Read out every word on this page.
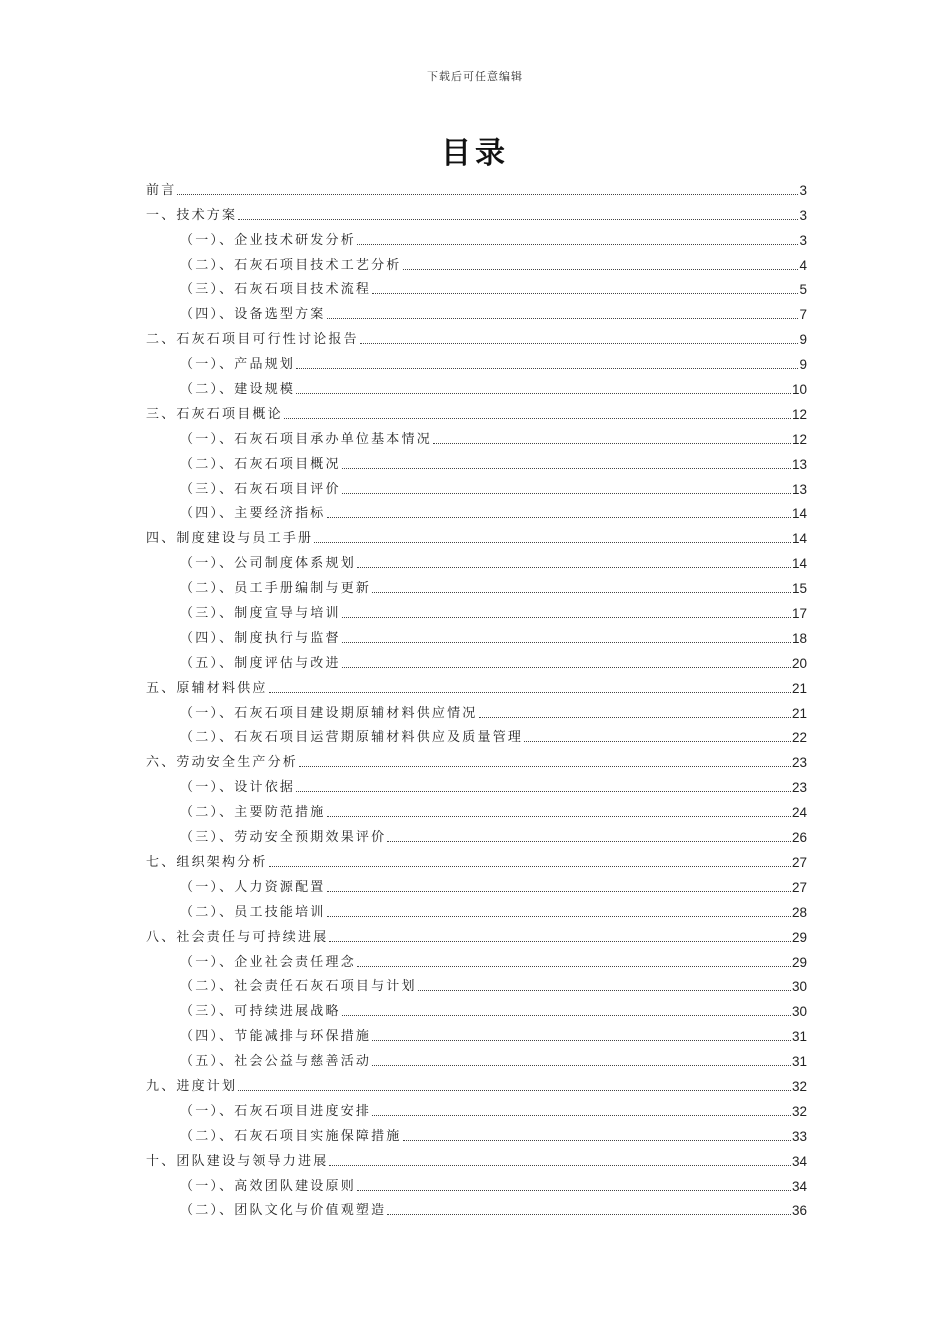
下载后可任意编辑
目录
前言	3
一、技术方案	3
（一）、企业技术研发分析	3
（二）、石灰石项目技术工艺分析	4
（三）、石灰石项目技术流程	5
（四）、设备选型方案	7
二、石灰石项目可行性讨论报告	9
（一）、产品规划	9
（二）、建设规模	10
三、石灰石项目概论	12
（一）、石灰石项目承办单位基本情况	12
（二）、石灰石项目概况	13
（三）、石灰石项目评价	13
（四）、主要经济指标	14
四、制度建设与员工手册	14
（一）、公司制度体系规划	14
（二）、员工手册编制与更新	15
（三）、制度宣导与培训	17
（四）、制度执行与监督	18
（五）、制度评估与改进	20
五、原辅材料供应	21
（一）、石灰石项目建设期原辅材料供应情况	21
（二）、石灰石项目运营期原辅材料供应及质量管理	22
六、劳动安全生产分析	23
（一）、设计依据	23
（二）、主要防范措施	24
（三）、劳动安全预期效果评价	26
七、组织架构分析	27
（一）、人力资源配置	27
（二）、员工技能培训	28
八、社会责任与可持续进展	29
（一）、企业社会责任理念	29
（二）、社会责任石灰石项目与计划	30
（三）、可持续进展战略	30
（四）、节能减排与环保措施	31
（五）、社会公益与慈善活动	31
九、进度计划	32
（一）、石灰石项目进度安排	32
（二）、石灰石项目实施保障措施	33
十、团队建设与领导力进展	34
（一）、高效团队建设原则	34
（二）、团队文化与价值观塑造	36
